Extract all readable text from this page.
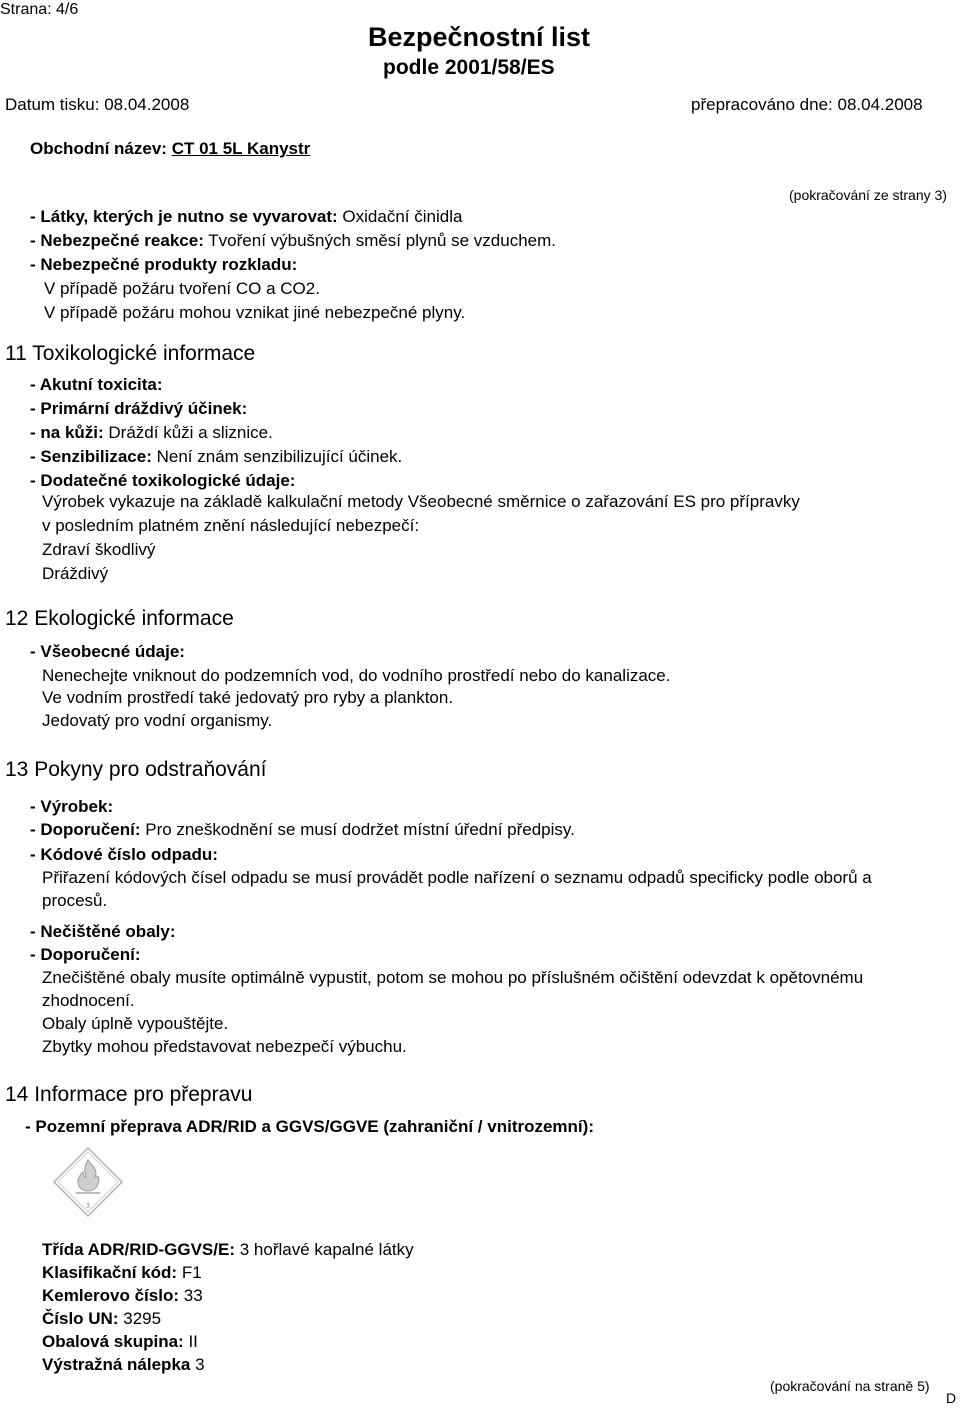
Strana: 4/6
Bezpečnostní list
podle 2001/58/ES
Datum tisku: 08.04.2008	přepracováno dne: 08.04.2008
Obchodní název: CT 01 5L Kanystr
(pokračování ze strany 3)
- Látky, kterých je nutno se vyvarovat: Oxidační činidla
- Nebezpečné reakce: Tvoření výbušných směsí plynů se vzduchem.
- Nebezpečné produkty rozkladu:
V případě požáru tvoření CO a CO2.
V případě požáru mohou vznikat jiné nebezpečné plyny.
11 Toxikologické informace
- Akutní toxicita:
- Primární dráždivý účinek:
- na kůži: Dráždí kůži a sliznice.
- Senzibilizace: Není znám senzibilizující účinek.
- Dodatečné toxikologické údaje:
Výrobek vykazuje na základě kalkulační metody Všeobecné směrnice o zařazování ES pro přípravky
v posledním platném znění následující nebezpečí:
Zdraví škodlivý
Dráždivý
12 Ekologické informace
- Všeobecné údaje:
Nenechejte vniknout do podzemních vod, do vodního prostředí nebo do kanalizace.
Ve vodním prostředí také jedovatý pro ryby a plankton.
Jedovatý pro vodní organismy.
13 Pokyny pro odstraňování
- Výrobek:
- Doporučení: Pro zneškodnění se musí dodržet místní úřední předpisy.
- Kódové číslo odpadu:
Přiřazení kódových čísel odpadu se musí provádět podle nařízení o seznamu odpadů specificky podle oborů a
procesů.
- Nečištěné obaly:
- Doporučení:
Znečištěné obaly musíte optimálně vypustit, potom se mohou po příslušném očištění odevzdat k opětovnému
zhodnocení.
Obaly úplně vypouštějte.
Zbytky mohou představovat nebezpečí výbuchu.
14 Informace pro přepravu
- Pozemní přeprava ADR/RID a GGVS/GGVE (zahraniční / vnitrozemní):
3
Třída ADR/RID-GGVS/E: 3 hořlavé kapalné látky
Klasifikační kód: F1
Kemlerovo číslo: 33
Číslo UN: 3295
Obalová skupina: II
Výstražná nálepka 3
(pokračování na straně 5)
D
